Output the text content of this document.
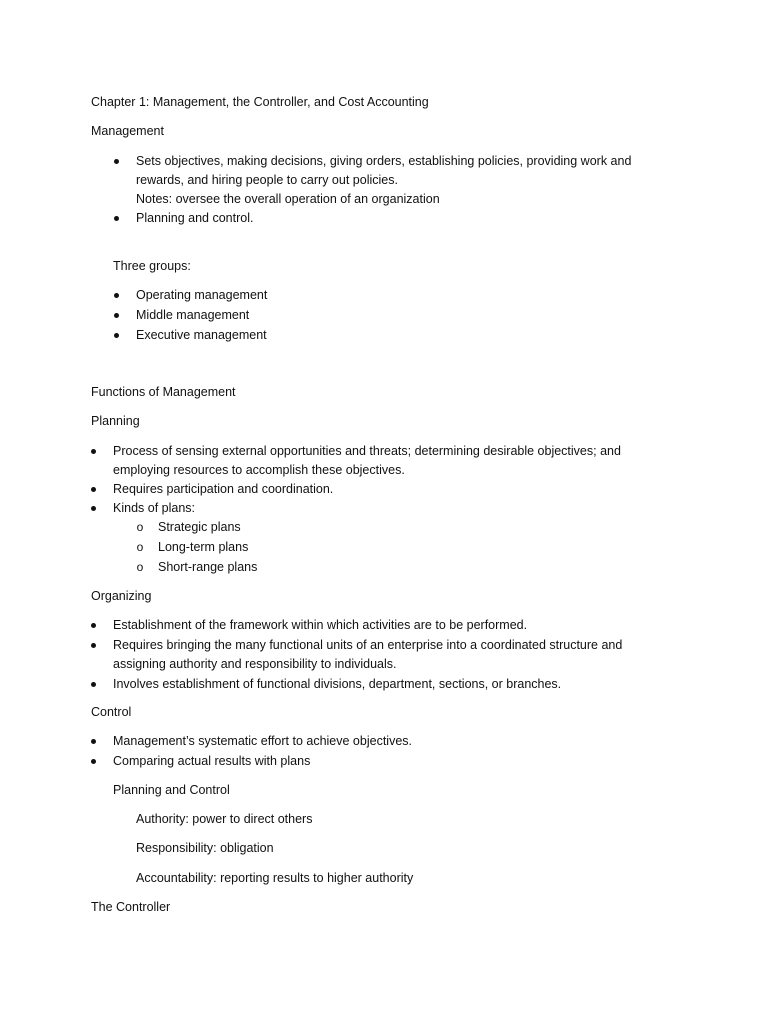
Chapter 1: Management, the Controller, and Cost Accounting
Management
Sets objectives, making decisions, giving orders, establishing policies, providing work and
rewards, and hiring people to carry out policies.
Notes: oversee the overall operation of an organization
Planning and control.
Three groups:
Operating management
Middle management
Executive management
Functions of Management
Planning
Process of sensing external opportunities and threats; determining desirable objectives; and
employing resources to accomplish these objectives.
Requires participation and coordination.
Kinds of plans:
o Strategic plans
o Long-term plans
o Short-range plans
Organizing
Establishment of the framework within which activities are to be performed.
Requires bringing the many functional units of an enterprise into a coordinated structure and
assigning authority and responsibility to individuals.
Involves establishment of functional divisions, department, sections, or branches.
Control
Management’s systematic effort to achieve objectives.
Comparing actual results with plans
Planning and Control
Authority: power to direct others
Responsibility: obligation
Accountability: reporting results to higher authority
The Controller
